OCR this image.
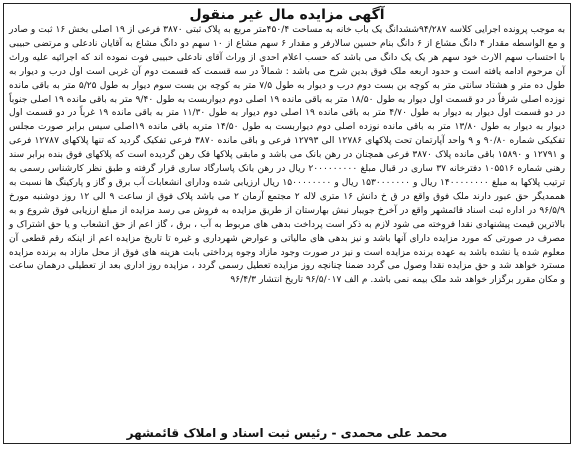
آگهی مزایده مال غیر منقول

به موجب پرونده اجرایی کلاسه ۹۴/۲۸۷ششدانگ یک باب خانه به مساحت ۴۵۰/۴متر مربع به پلاک ثبتی ۳۸۷۰ فرعی از ۱۹ اصلی بخش ۱۶ ثبت و صادر و مع الواسطه مقدار ۴ دانگ مشاع از ۶ دانگ بنام حسین سالارفر و مقدار ۶ سهم مشاع از ۱۰ سهم دو دانگ مشاع به آقایان نادعلی و مرتضی حبیبی با احتساب سهم الارث خود سهم هر یک یک دانگ می باشد که حسب اعلام احدی از وراث آقای نادعلی حبیبی فوت نموده اند که اجرائیه علیه وراث آن مرحوم ادامه یافته است و حدود اربعه ملک فوق بدین شرح می باشد : شمالاً در سه قسمت که قسمت دوم آن غربی است اول درب و دیوار به طول ده متر و هشتاد سانتی متر به کوچه بن بست دوم درب و دیوار به طول ۷/۵ متر به کوچه بن بست سوم دیوار به طول ۵/۲۵ متر به باقی مانده نوزده اصلی شرقاً در دو قسمت اول دیوار به طول ۱۸/۵۰ متر به باقی مانده ۱۹ اصلی دوم دیواربست به طول ۹/۴۰ متر به باقی مانده ۱۹ اصلی جنوباً در دو قسمت اول دیوار به دیوار به طول ۴/۷۰ متر به باقی مانده ۱۹ اصلی دوم دیوار به طول ۱۱/۳۰ متر به باقی مانده ۱۹ غرباً در دو قسمت اول دیوار به دیوار به طول ۱۳/۸۰ متر به باقی مانده نوزده اصلی دوم دیواربست به طول ۱۴/۵۰ متربه باقی مانده ۱۹اصلی سیس برابر صورت مجلس تفکیکی شماره ۹۰/۸۰ و ۹ واحد آپارتمان تحت پلاکهای ۱۲۷۸۶ الی ۱۲۷۹۳ فرعی و باقی مانده ۳۸۷۰ فرعی تفکیک گردید که تنها پلاکهای ۱۲۷۸۷ فرعی و ۱۲۷۹۱ و ۱۵۸۹۰ باقی مانده پلاک ۳۸۷۰ فرعی همچنان در رهن بانک می باشد و مابقی پلاکها فک رهن گردیده است که پلاکهای فوق بنده برابر سند رهنی شماره ۱۰۵۵۱۶ دفترخانه ۳۷ ساری در قبال مبلغ ۲۰۰۰۰۰۰۰۰۰ ریال در رهن بانک پاسارگاد ساری قرار گرفته و طبق نظر کارشناس رسمی به ترتیب پلاکها به مبلغ ۱۴۰۰۰۰۰۰۰۰ ریال و ۱۵۳۰۰۰۰۰۰۰ ریال و ۱۵۰۰۰۰۰۰۰۰ ریال ارزیابی شده ودارای انشعابات آب برق و گاز و پارکینگ ها نسبت به هممدیگر حق عبور دارند ملک فوق واقع در ق خ دانش ۱۶ متری لاله ۲ مجتمع آرمان ۲ می باشد پلاک فوق از ساعت ۹ الی ۱۲ روز دوشنبه مورخ ۹۶/۵/۹ در اداره ثبت اسناد قائمشهر واقع در آخرخ جویبار نبش بهارستان از طریق مزایده به فروش می رسد مزایده از مبلغ ارزیابی فوق شروع و به بالاترین قیمت پیشنهادی نقدا فروخته می شود لازم به ذکر است پرداخت بدهی های مربوط به آب ، برق ، گاز اعم از حق انشعاب و یا حق اشتراک و مصرف در صورتی که مورد مزایده دارای آنها باشد و نیز بدهی های مالیاتی و عوارض شهرداری و غیره تا تاریخ مزایده اعم از اینکه رقم قطعی آن معلوم شده یا نشده باشد به عهده برنده مزایده است و نیز در صورت وجود مازاد وجوه پرداختی بابت هزینه های فوق از محل مازاد به برنده مزایده مسترد خواهد شد و حق مزایده نقدا وصول می گردد ضمنا چنانچه روز مزایده تعطیل رسمی گردد ، مزایده روز اداری بعد از تعطیلی درهمان ساعت و مکان مقرر برگزار خواهد شد ملک بیمه نمی باشد. م الف ۹۶/۵/۰۱۷ تاریخ انتشار ۹۶/۴/۳

محمد علی محمدی - رئیس ثبت اسناد و املاک قائمشهر
